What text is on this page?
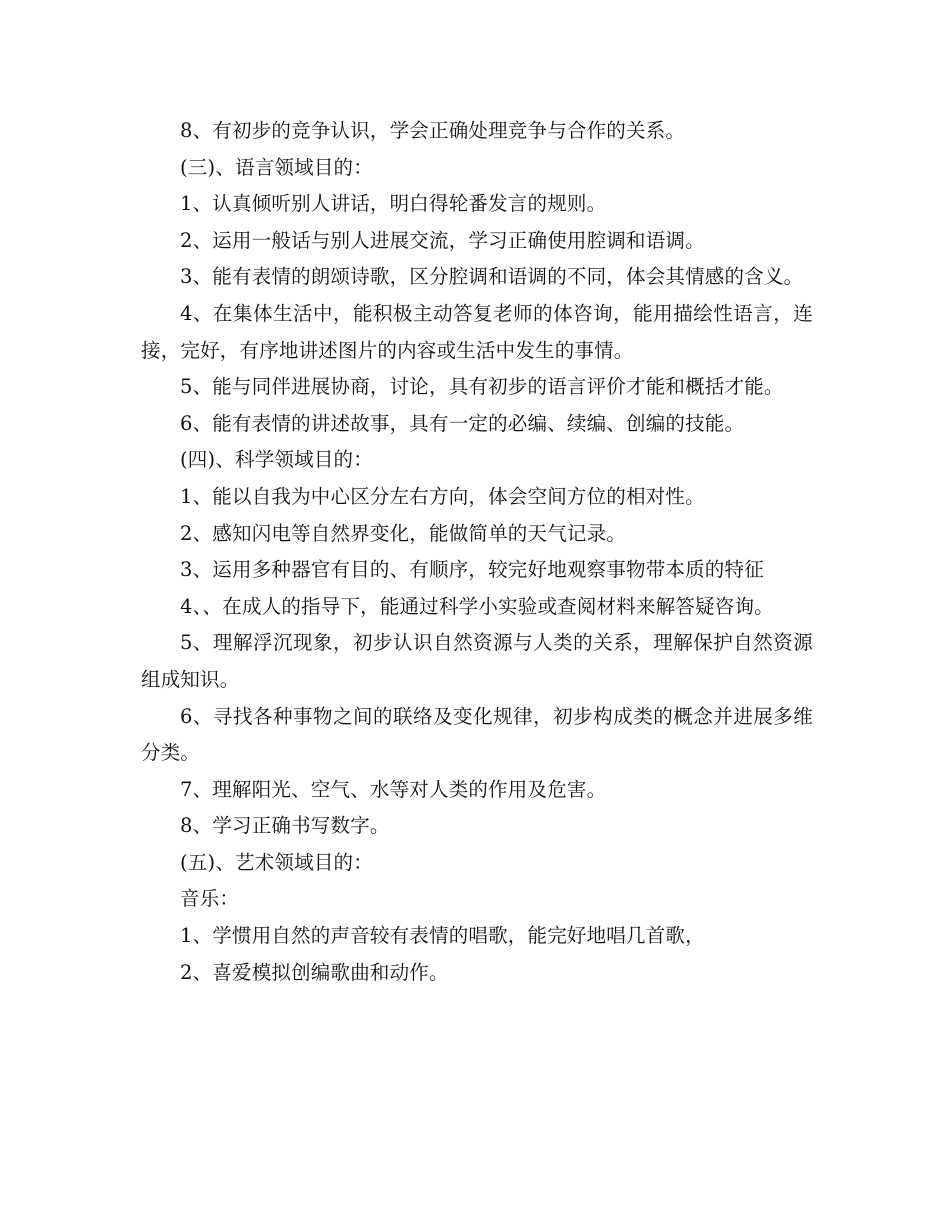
8、有初步的竞争认识，学会正确处理竞争与合作的关系。

(三)、语言领域目的：

1、认真倾听别人讲话，明白得轮番发言的规则。

2、运用一般话与别人进展交流，学习正确使用腔调和语调。

3、能有表情的朗颂诗歌，区分腔调和语调的不同，体会其情感的含义。

4、在集体生活中，能积极主动答复老师的体咨询，能用描绘性语言，连接，完好，有序地讲述图片的内容或生活中发生的事情。

5、能与同伴进展协商，讨论，具有初步的语言评价才能和概括才能。

6、能有表情的讲述故事，具有一定的必编、续编、创编的技能。

(四)、科学领域目的：

1、能以自我为中心区分左右方向，体会空间方位的相对性。

2、感知闪电等自然界变化，能做简单的天气记录。

3、运用多种器官有目的、有顺序，较完好地观察事物带本质的特征

4、、在成人的指导下，能通过科学小实验或查阅材料来解答疑咨询。

5、理解浮沉现象，初步认识自然资源与人类的关系，理解保护自然资源组成知识。

6、寻找各种事物之间的联络及变化规律，初步构成类的概念并进展多维分类。

7、理解阳光、空气、水等对人类的作用及危害。

8、学习正确书写数字。

(五)、艺术领域目的：

音乐：

1、学惯用自然的声音较有表情的唱歌，能完好地唱几首歌，

2、喜爱模拟创编歌曲和动作。
